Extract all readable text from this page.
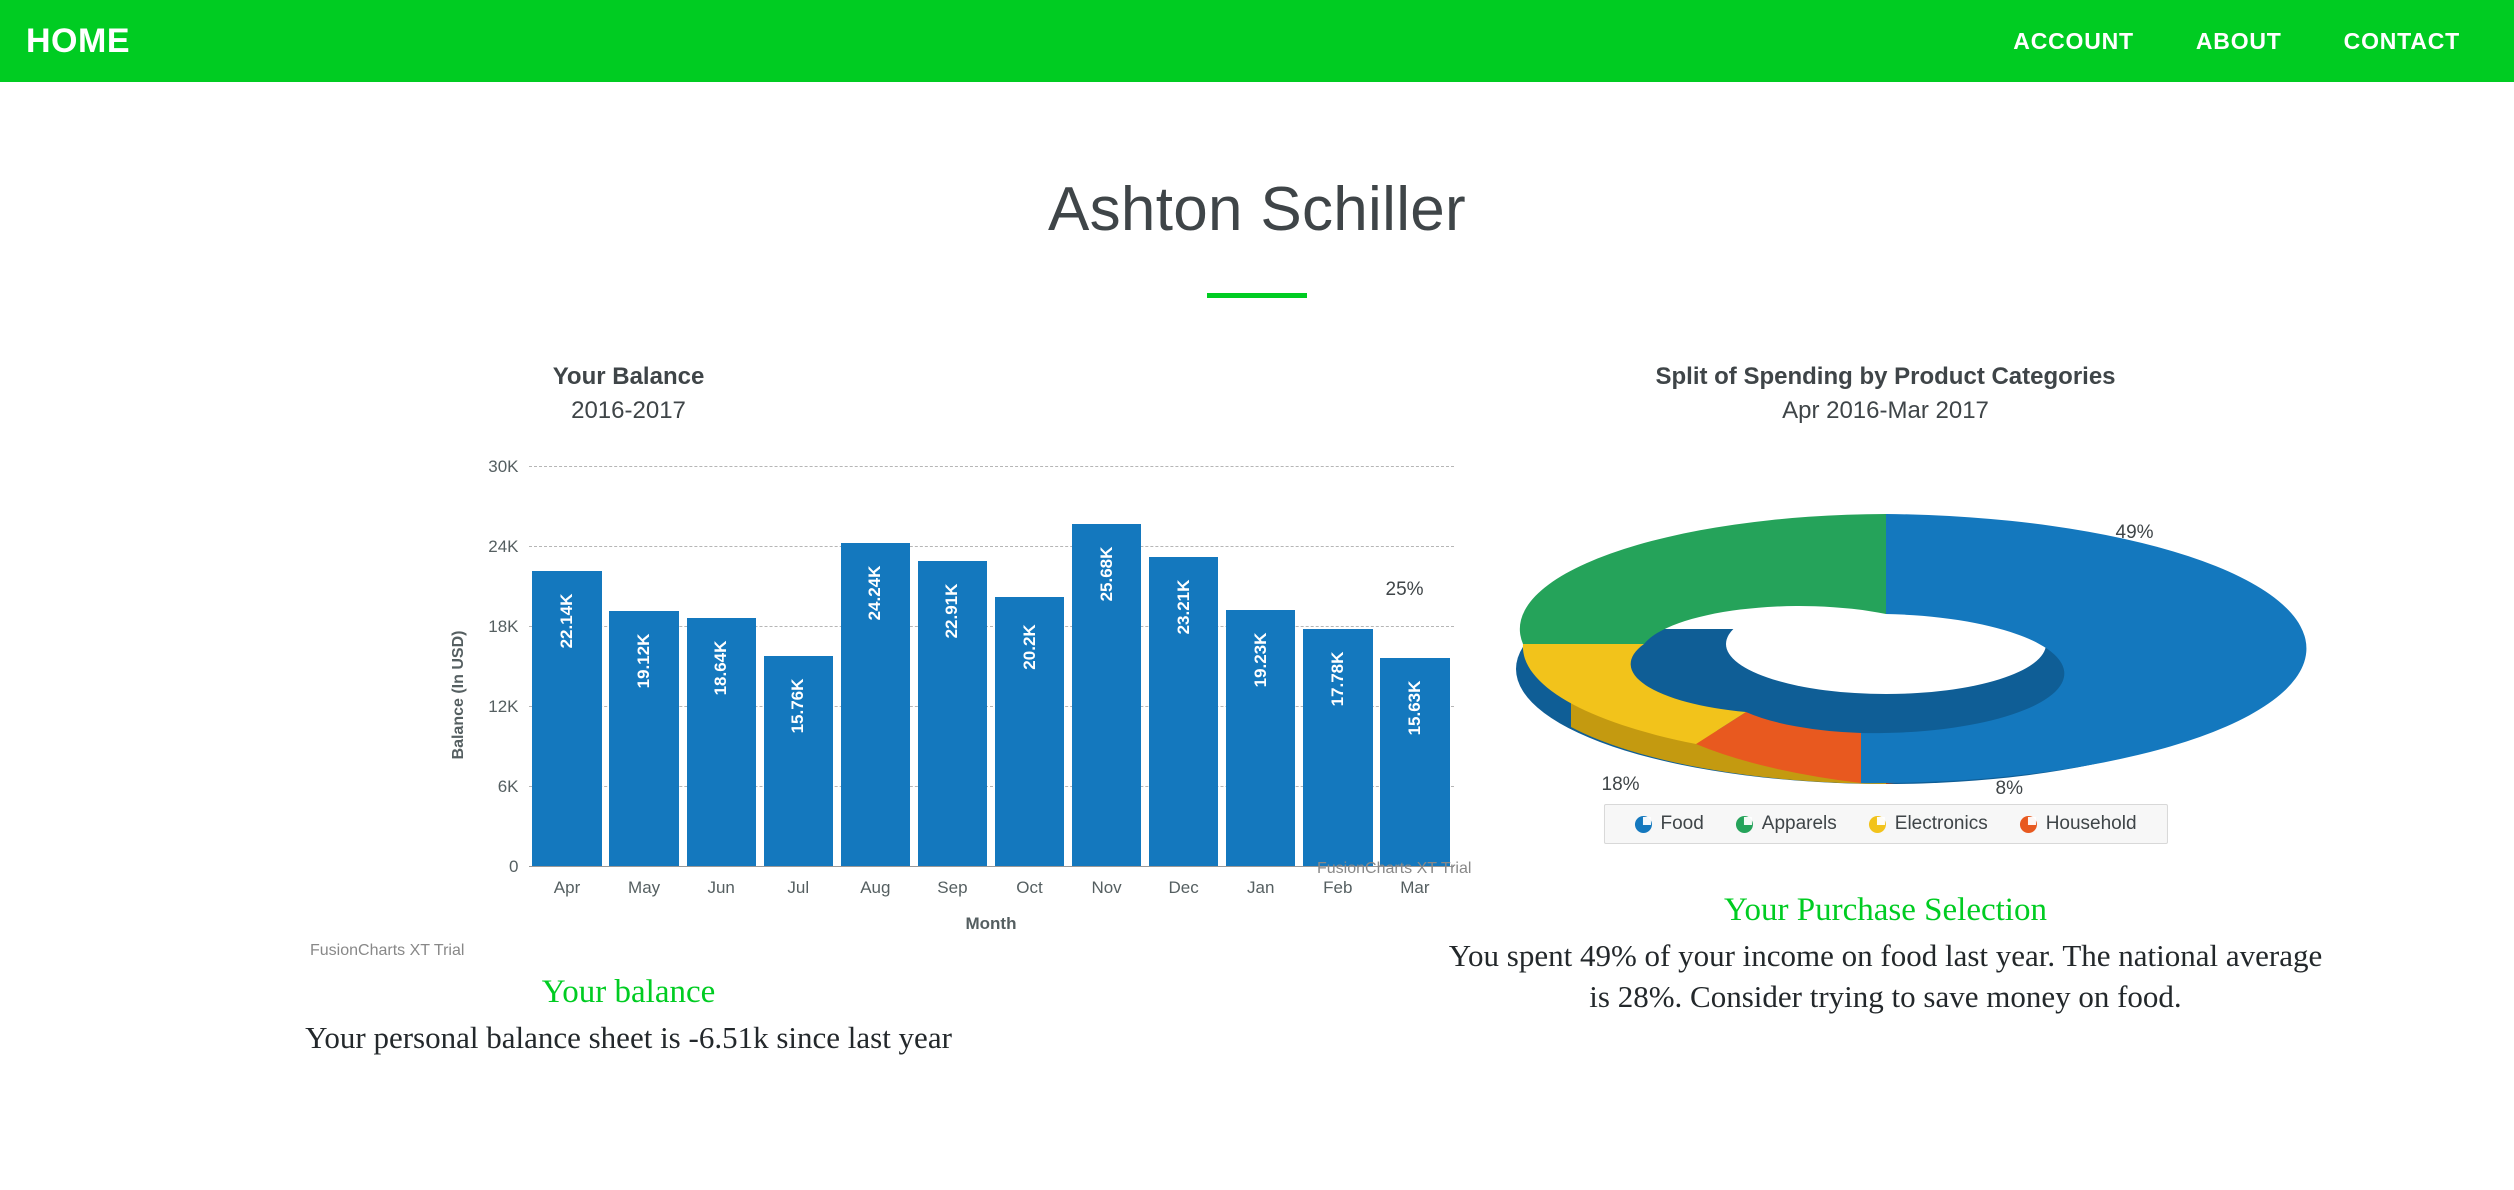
HOME	ACCOUNT	ABOUT	CONTACT
Ashton Schiller
Your Balance
2016-2017
Balance (In USD)
Month
0
6K
12K
18K
24K
30K
22.14K
Apr
19.12K
May
18.64K
Jun
15.76K
Jul
24.24K
Aug
22.91K
Sep
20.2K
Oct
25.68K
Nov
23.21K
Dec
19.23K
Jan
17.78K
Feb
15.63K
Mar
FusionCharts XT Trial
Your balance
Your personal balance sheet is -6.51k since last year
Split of Spending by Product Categories
Apr 2016-Mar 2017
49%
25%
18%	8%
Food	Apparels	Electronics	Household
FusionCharts XT Trial
Your Purchase Selection
You spent 49% of your income on food last year. The national average is 28%. Consider trying to save money on food.
